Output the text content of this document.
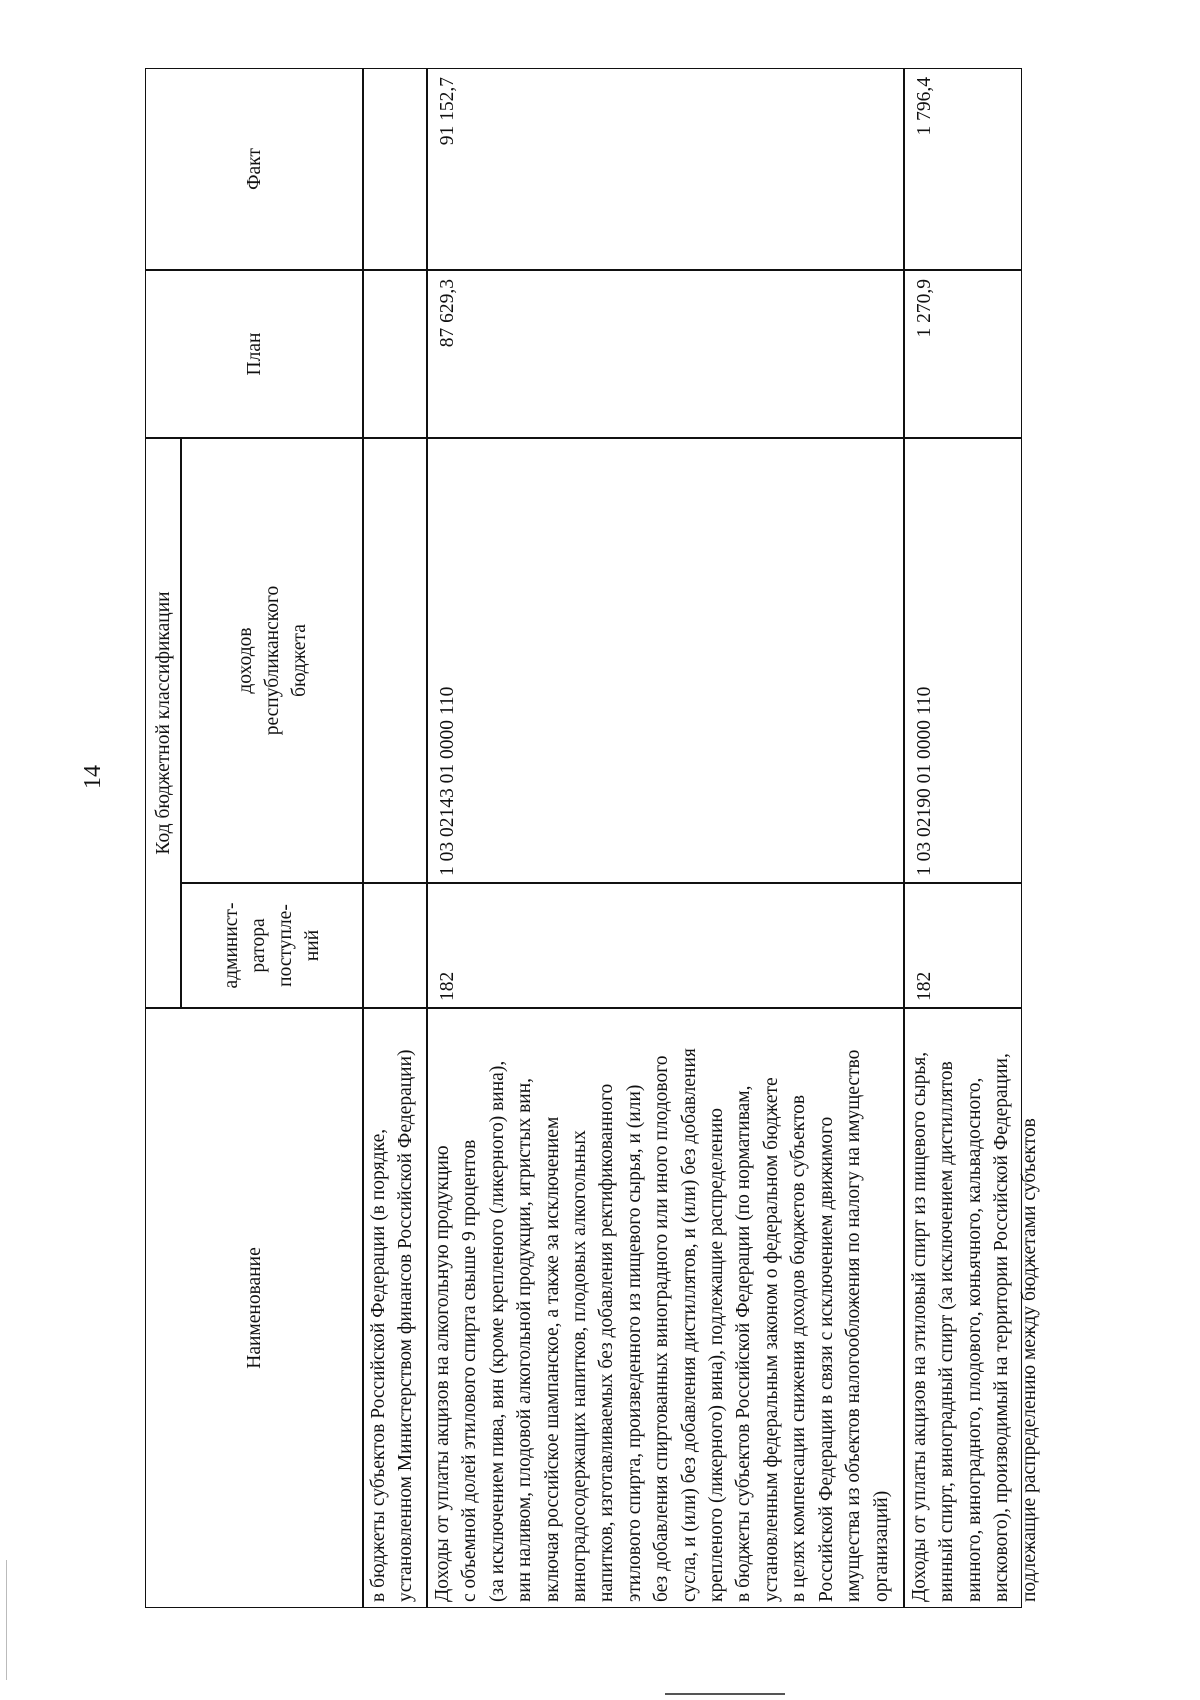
14
Наименование
Код бюджетной классификации
админист-
ратора
поступле-
ний
доходов
республиканского
бюджета
План
Факт
в бюджеты субъектов Российской Федерации (в порядке,
установленном Министерством финансов Российской Федерации)
Доходы от уплаты акцизов на алкогольную продукцию
с объемной долей этилового спирта свыше 9 процентов
(за исключением пива, вин (кроме крепленого (ликерного) вина),
вин наливом, плодовой алкогольной продукции, игристых вин,
включая российское шампанское, а также за исключением
виноградосодержащих напитков, плодовых алкогольных
напитков, изготавливаемых без добавления ректификованного
этилового спирта, произведенного из пищевого сырья, и (или)
без добавления спиртованных виноградного или иного плодового
сусла, и (или) без добавления дистиллятов, и (или) без добавления
крепленого (ликерного) вина), подлежащие распределению
в бюджеты субъектов Российской Федерации (по нормативам,
установленным федеральным законом о федеральном бюджете
в целях компенсации снижения доходов бюджетов субъектов
Российской Федерации в связи с исключением движимого
имущества из объектов налогообложения по налогу на имущество
организаций)
182
1 03 02143 01 0000 110
87 629,3
91 152,7
Доходы от уплаты акцизов на этиловый спирт из пищевого сырья,
винный спирт, виноградный спирт (за исключением дистиллятов
винного, виноградного, плодового, коньячного, кальвадосного,
вискового), производимый на территории Российской Федерации,
подлежащие распределению между бюджетами субъектов
182
1 03 02190 01 0000 110
1 270,9
1 796,4
